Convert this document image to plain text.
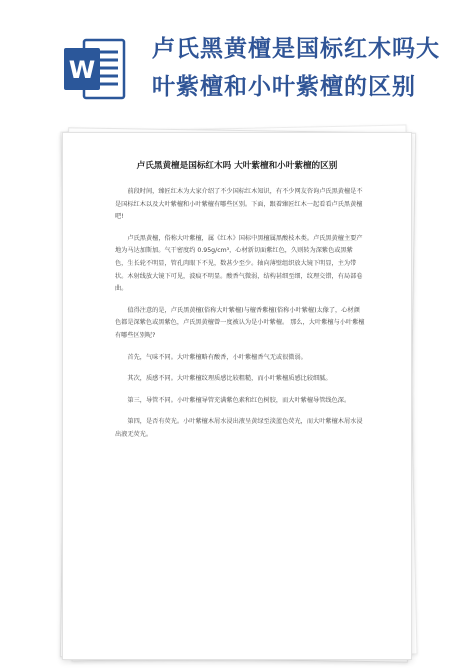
W
卢氏黑黄檀是国标红木吗大叶紫檀和小叶紫檀的区别
卢氏黑黄檀是国标红木吗 大叶紫檀和小叶紫檀的区别

前段时间，臻匠红木为大家介绍了不少国标红木知识，有不少网友咨询卢氏黑黄檀是不是国标红木以及大叶紫檀和小叶紫檀有哪些区别。下面，跟着臻匠红木一起看看卢氏黑黄檀吧!

卢氏黑黄檀，俗称大叶紫檀，属《红木》国标中黑檀属黑酸枝木类。卢氏黑黄檀主要产地为马达加斯加。气干密度约 0.95g/cm³，心材新切面紫红色，久则转为深紫色或黑紫色，生长轮不明显，管孔肉眼下不见，数甚少至少。轴向薄壁组织放大镜下明显，主为带状。木射线放大镜下可见，波痕不明显。酸香气微弱，结构甚细至细，纹理交错，有局部卷曲。

值得注意的是，卢氏黑黄檀(俗称大叶紫檀)与檀香紫檀(俗称小叶紫檀)太像了，心材颜色都是深紫色或黑紫色，卢氏黑黄檀曾一度被认为是小叶紫檀。 那么，大叶紫檀与小叶紫檀有哪些区别呢?

首先，气味不同。大叶紫檀略有酸香，小叶紫檀香气无或很微弱。

其次，质感不同。大叶紫檀纹理质感比较粗糙，而小叶紫檀质感比较细腻。

第三，导管不同。小叶紫檀导管充满紫色素和红色树胶，而大叶紫檀导管线色深。

第四，是否有荧光。小叶紫檀木屑水浸出液呈黄绿至淡蓝色荧光，而大叶紫檀木屑水浸出液无荧光。
